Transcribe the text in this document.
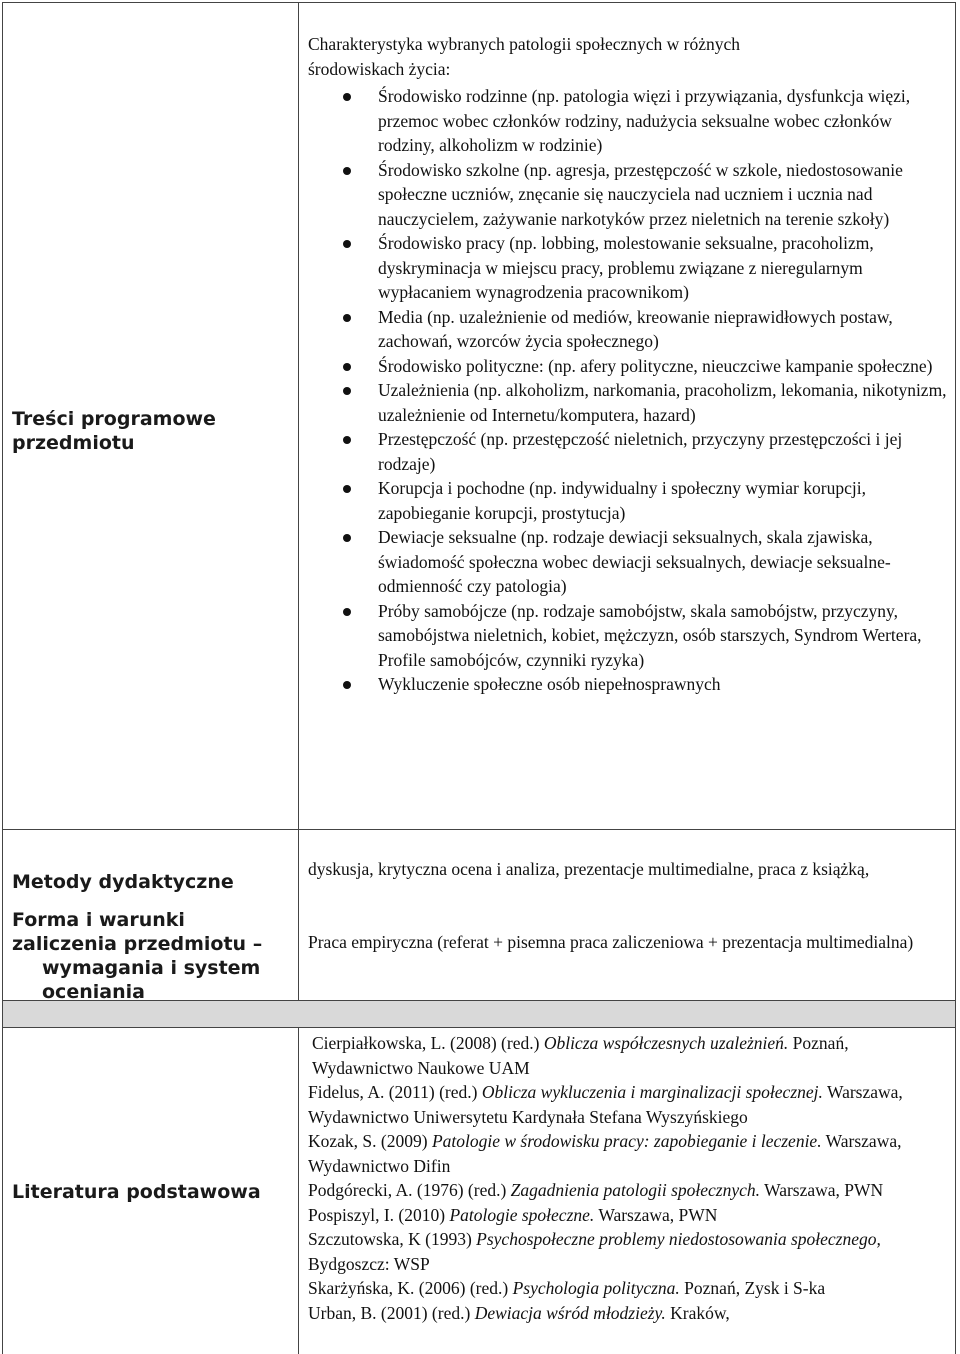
Treści programowe
przedmiotu
Charakterystyka wybranych patologii społecznych w różnych środowiskach życia:
Środowisko rodzinne (np. patologia więzi i przywiązania, dysfunkcja więzi, przemoc wobec członków rodziny, nadużycia seksualne wobec członków rodziny, alkoholizm w rodzinie)
Środowisko szkolne (np. agresja, przestępczość w szkole, niedostosowanie społeczne uczniów, znęcanie się nauczyciela nad uczniem i ucznia nad nauczycielem, zażywanie narkotyków przez nieletnich na terenie szkoły)
Środowisko pracy (np. lobbing, molestowanie seksualne, pracoholizm, dyskryminacja w miejscu pracy, problemu związane z nieregularnym wypłacaniem wynagrodzenia pracownikom)
Media (np. uzależnienie od mediów, kreowanie nieprawidłowych postaw, zachowań, wzorców życia społecznego)
Środowisko polityczne: (np. afery polityczne, nieuczciwe kampanie społeczne)
Uzależnienia (np. alkoholizm, narkomania, pracoholizm, lekomania, nikotynizm, uzależnienie od Internetu/komputera, hazard)
Przestępczość (np. przestępczość nieletnich, przyczyny przestępczości i jej rodzaje)
Korupcja i pochodne (np. indywidualny i społeczny wymiar korupcji, zapobieganie korupcji, prostytucja)
Dewiacje seksualne (np. rodzaje dewiacji seksualnych, skala zjawiska, świadomość społeczna wobec dewiacji seksualnych, dewiacje seksualne- odmienność czy patologia)
Próby samobójcze (np. rodzaje samobójstw, skala samobójstw, przyczyny, samobójstwa nieletnich, kobiet, mężczyzn, osób starszych, Syndrom Wertera, Profile samobójców, czynniki ryzyka)
Wykluczenie społeczne osób niepełnosprawnych
Metody dydaktyczne
dyskusja, krytyczna ocena i analiza, prezentacje multimedialne, praca z książką,
Forma i warunki
zaliczenia przedmiotu –
wymagania i system
oceniania
Praca empiryczna (referat + pisemna praca zaliczeniowa + prezentacja multimedialna)
Literatura podstawowa

Cierpiałkowska, L. (2008) (red.) Oblicza współczesnych uzależnień. Poznań, Wydawnictwo Naukowe UAM

Fidelus, A. (2011) (red.) Oblicza wykluczenia i marginalizacji społecznej. Warszawa, Wydawnictwo Uniwersytetu Kardynała Stefana Wyszyńskiego

Kozak, S. (2009) Patologie w środowisku pracy: zapobieganie i leczenie. Warszawa, Wydawnictwo Difin

Podgórecki, A. (1976) (red.) Zagadnienia patologii społecznych. Warszawa, PWN

Pospiszyl, I. (2010) Patologie społeczne. Warszawa, PWN

Szczutowska, K (1993) Psychospołeczne problemy niedostosowania społecznego, Bydgoszcz: WSP

Skarżyńska, K. (2006) (red.) Psychologia polityczna. Poznań, Zysk i S-ka

Urban, B. (2001) (red.) Dewiacja wśród młodzieży. Kraków,
